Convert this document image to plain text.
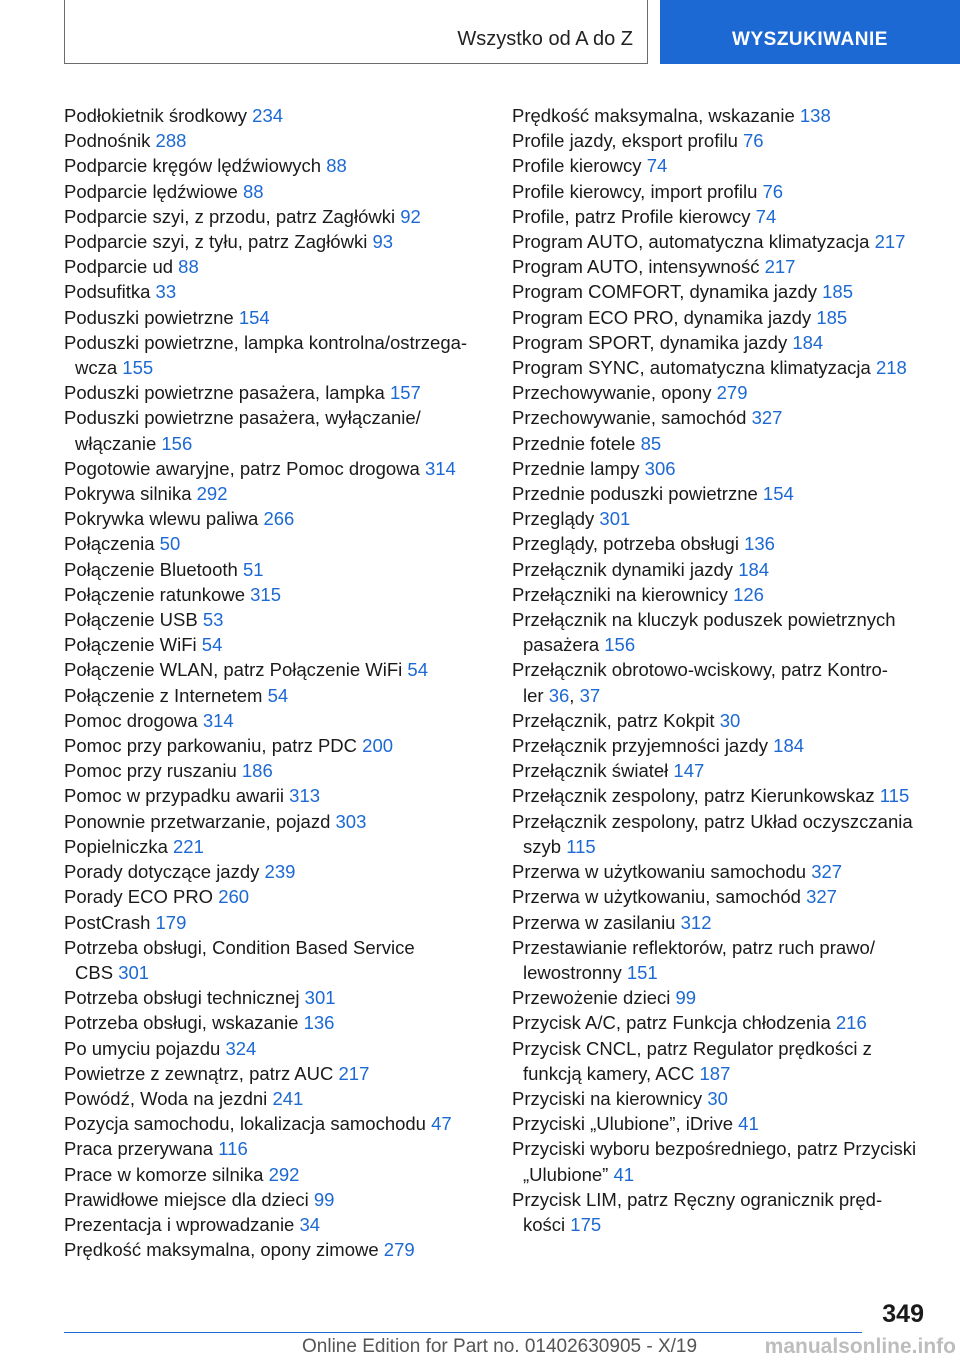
Wszystko od A do Z	WYSZUKIWANIE
Podłokietnik środkowy 234
Podnośnik 288
Podparcie kręgów lędźwiowych 88
Podparcie lędźwiowe 88
Podparcie szyi, z przodu, patrz Zagłówki 92
Podparcie szyi, z tyłu, patrz Zagłówki 93
Podparcie ud 88
Podsufitka 33
Poduszki powietrzne 154
Poduszki powietrzne, lampka kontrolna/ostrzega‐
wcza 155
Poduszki powietrzne pasażera, lampka 157
Poduszki powietrzne pasażera, wyłączanie/
włączanie 156
Pogotowie awaryjne, patrz Pomoc drogowa 314
Pokrywa silnika 292
Pokrywka wlewu paliwa 266
Połączenia 50
Połączenie Bluetooth 51
Połączenie ratunkowe 315
Połączenie USB 53
Połączenie WiFi 54
Połączenie WLAN, patrz Połączenie WiFi 54
Połączenie z Internetem 54
Pomoc drogowa 314
Pomoc przy parkowaniu, patrz PDC 200
Pomoc przy ruszaniu 186
Pomoc w przypadku awarii 313
Ponownie przetwarzanie, pojazd 303
Popielniczka 221
Porady dotyczące jazdy 239
Porady ECO PRO 260
PostCrash 179
Potrzeba obsługi, Condition Based Service
CBS 301
Potrzeba obsługi technicznej 301
Potrzeba obsługi, wskazanie 136
Po umyciu pojazdu 324
Powietrze z zewnątrz, patrz AUC 217
Powódź, Woda na jezdni 241
Pozycja samochodu, lokalizacja samochodu 47
Praca przerywana 116
Prace w komorze silnika 292
Prawidłowe miejsce dla dzieci 99
Prezentacja i wprowadzanie 34
Prędkość maksymalna, opony zimowe 279
Prędkość maksymalna, wskazanie 138
Profile jazdy, eksport profilu 76
Profile kierowcy 74
Profile kierowcy, import profilu 76
Profile, patrz Profile kierowcy 74
Program AUTO, automatyczna klimatyzacja 217
Program AUTO, intensywność 217
Program COMFORT, dynamika jazdy 185
Program ECO PRO, dynamika jazdy 185
Program SPORT, dynamika jazdy 184
Program SYNC, automatyczna klimatyzacja 218
Przechowywanie, opony 279
Przechowywanie, samochód 327
Przednie fotele 85
Przednie lampy 306
Przednie poduszki powietrzne 154
Przeglądy 301
Przeglądy, potrzeba obsługi 136
Przełącznik dynamiki jazdy 184
Przełączniki na kierownicy 126
Przełącznik na kluczyk poduszek powietrznych
pasażera 156
Przełącznik obrotowo-wciskowy, patrz Kontro‐
ler 36, 37
Przełącznik, patrz Kokpit 30
Przełącznik przyjemności jazdy 184
Przełącznik świateł 147
Przełącznik zespolony, patrz Kierunkowskaz 115
Przełącznik zespolony, patrz Układ oczyszczania
szyb 115
Przerwa w użytkowaniu samochodu 327
Przerwa w użytkowaniu, samochód 327
Przerwa w zasilaniu 312
Przestawianie reflektorów, patrz ruch prawo/
lewostronny 151
Przewożenie dzieci 99
Przycisk A/C, patrz Funkcja chłodzenia 216
Przycisk CNCL, patrz Regulator prędkości z
funkcją kamery, ACC 187
Przyciski na kierownicy 30
Przyciski „Ulubione”, iDrive 41
Przyciski wyboru bezpośredniego, patrz Przyciski
„Ulubione” 41
Przycisk LIM, patrz Ręczny ogranicznik pręd‐
kości 175
349
Online Edition for Part no. 01402630905 - X/19	manualsonline.info
